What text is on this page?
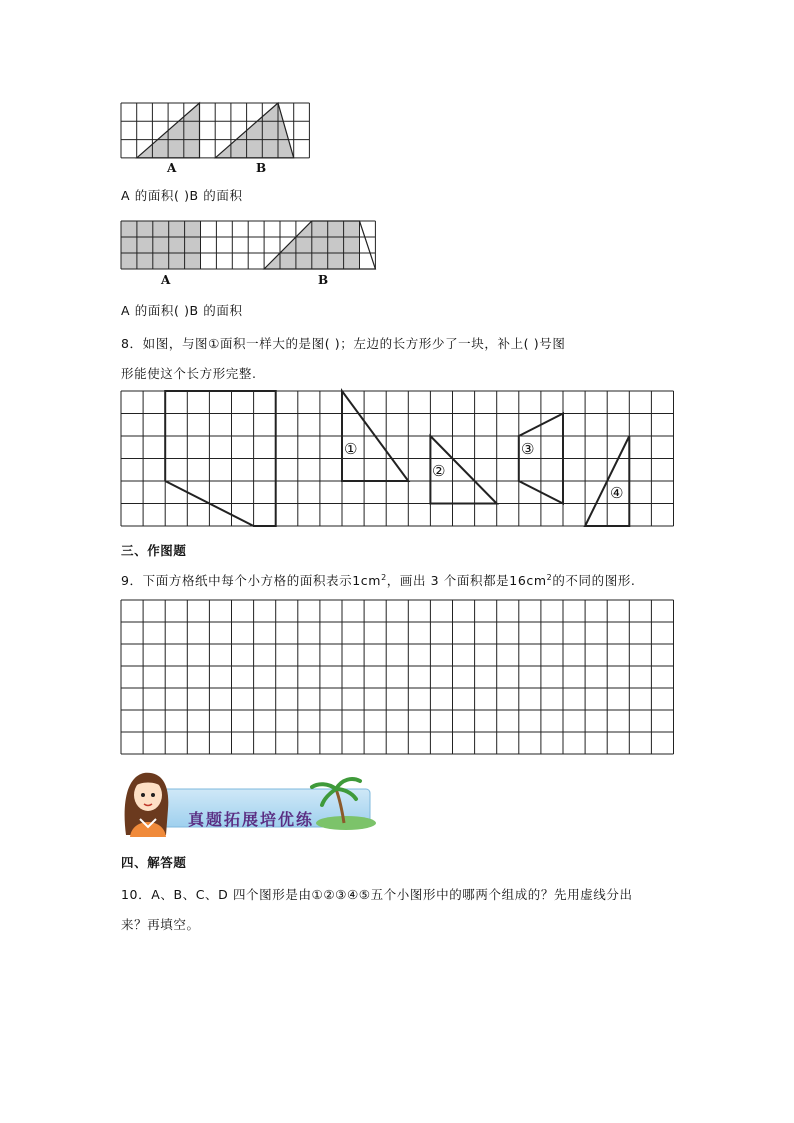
A	B
A 的面积( )B 的面积
A	B
A 的面积( )B 的面积
8．如图，与图①面积一样大的是图( )；左边的长方形少了一块，补上( )号图
形能使这个长方形完整.
①
②
③
④
三、作图题
9．下面方格纸中每个小方格的面积表示$1cm^2$，画出 3 个面积都是$16cm^2$的不同的图形.
真题拓展培优练
四、解答题
10．A、B、C、D 四个图形是由①②③④⑤五个小图形中的哪两个组成的？先用虚线分出
来？再填空。
